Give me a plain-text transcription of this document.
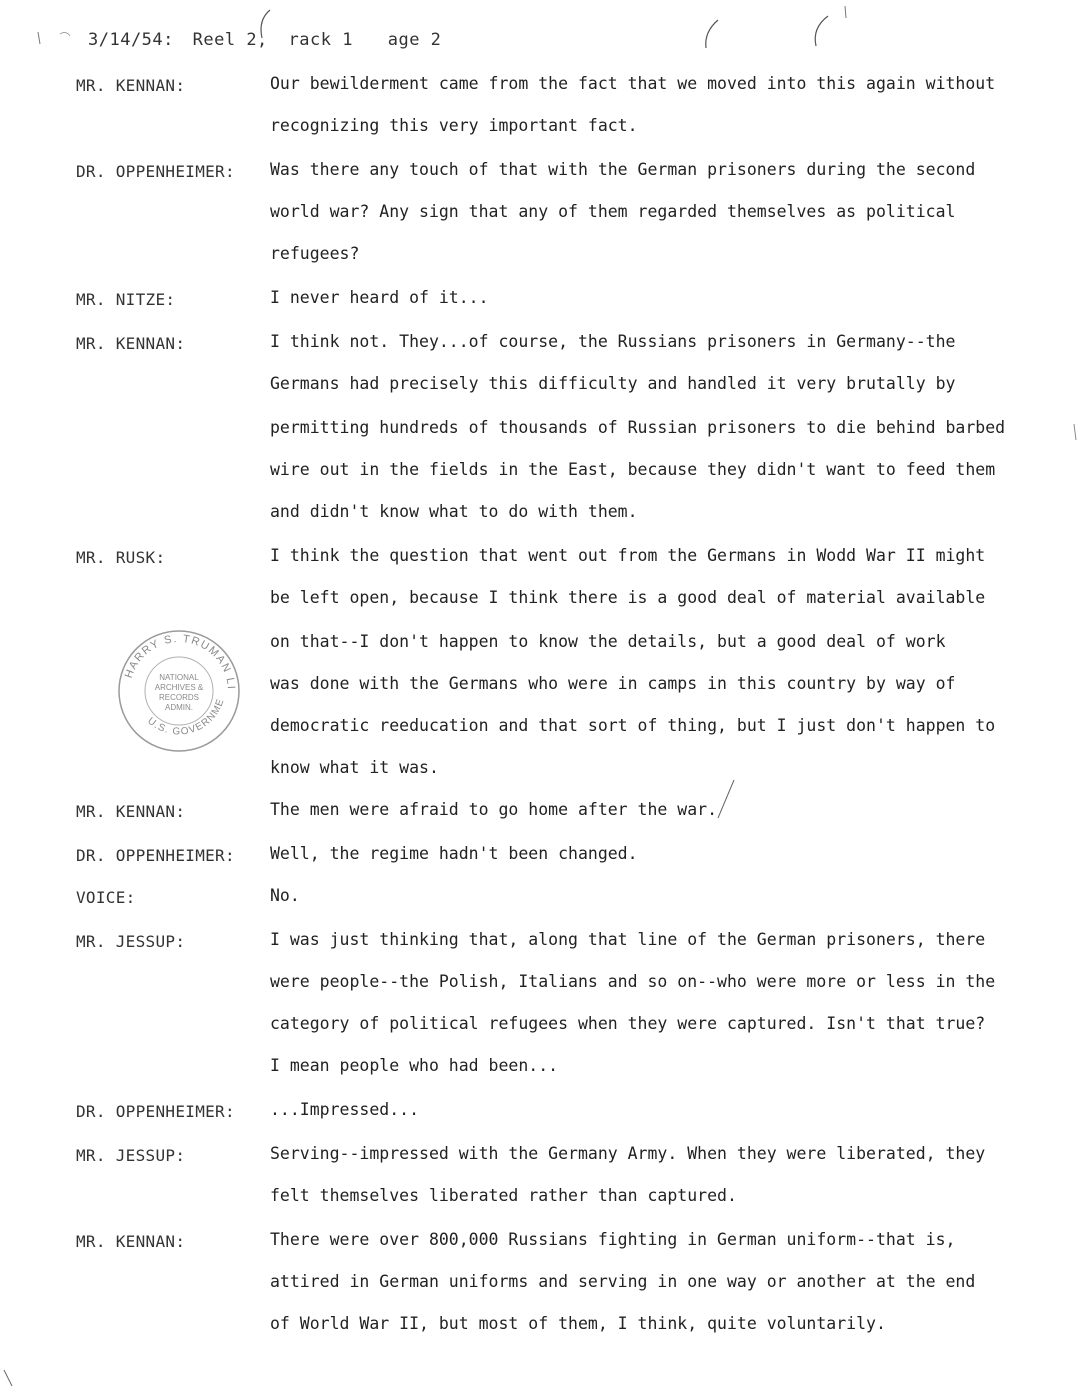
3/14/54: Reel 2, rack 1 age 2
HARRY S. TRUMAN LI
U.S. GOVERNME
NATIONAL
ARCHIVES &
RECORDS
ADMIN.
MR. KENNAN:	Our bewilderment came from the fact that we moved into this again without
recognizing this very important fact.
DR. OPPENHEIMER: Was there any touch of that with the German prisoners during the second
world war? Any sign that any of them regarded themselves as political
refugees?
MR. NITZE:	I never heard of it...
MR. KENNAN:	I think not. They...of course, the Russians prisoners in Germany--the
Germans had precisely this difficulty and handled it very brutally by
permitting hundreds of thousands of Russian prisoners to die behind barbed
wire out in the fields in the East, because they didn't want to feed them
and didn't know what to do with them.
MR. RUSK:	I think the question that went out from the Germans in Wodd War II might
be left open, because I think there is a good deal of material available
on that--I don't happen to know the details, but a good deal of work
was done with the Germans who were in camps in this country by way of
democratic reeducation and that sort of thing, but I just don't happen to
know what it was.
MR. KENNAN:	The men were afraid to go home after the war.
DR. OPPENHEIMER: Well, the regime hadn't been changed.
VOICE:	No.
MR. JESSUP:	I was just thinking that, along that line of the German prisoners, there
were people--the Polish, Italians and so on--who were more or less in the
category of political refugees when they were captured. Isn't that true?
I mean people who had been...
DR. OPPENHEIMER: ...Impressed...
MR. JESSUP:	Serving--impressed with the Germany Army. When they were liberated, they
felt themselves liberated rather than captured.
MR. KENNAN:	There were over 800,000 Russians fighting in German uniform--that is,
attired in German uniforms and serving in one way or another at the end
of World War II, but most of them, I think, quite voluntarily.
